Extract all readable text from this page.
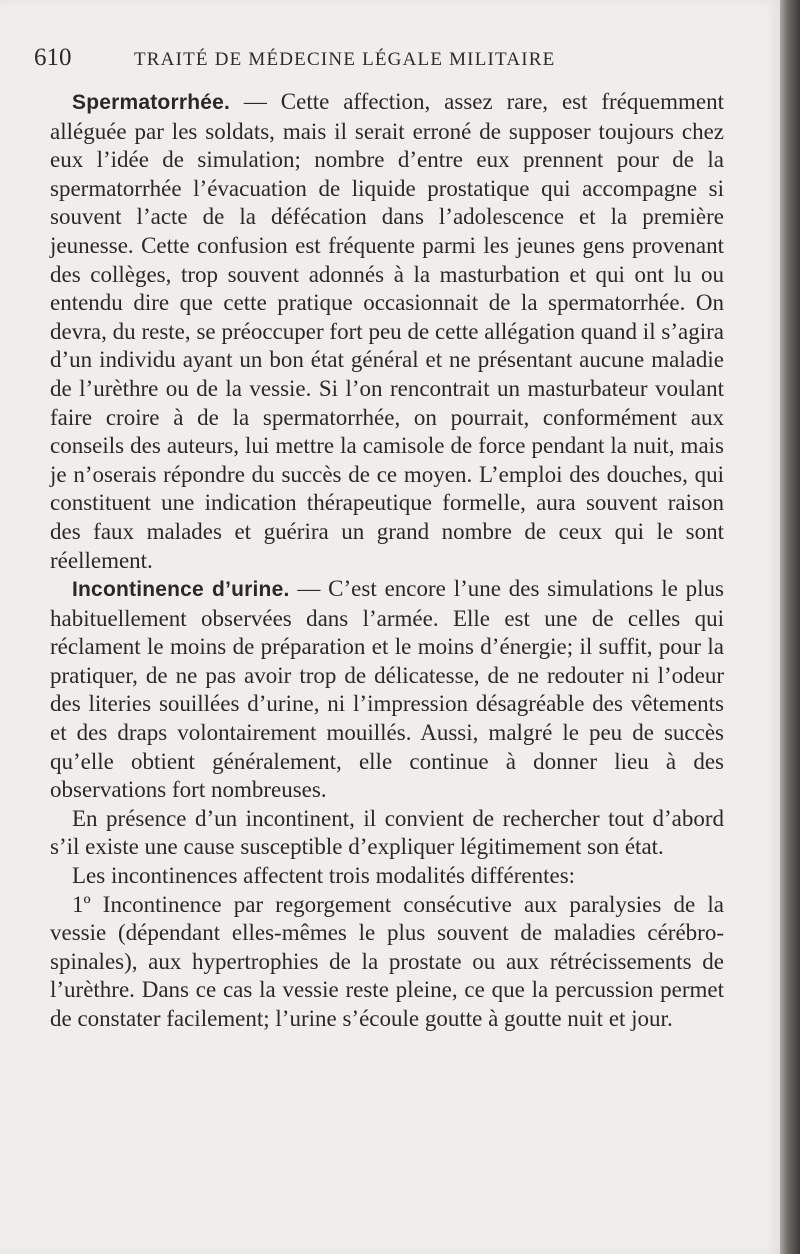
610	TRAITÉ DE MÉDECINE LÉGALE MILITAIRE

Spermatorrhée. — Cette affection, assez rare, est fréquemment alléguée par les soldats, mais il serait erroné de supposer toujours chez eux l’idée de simulation; nombre d’entre eux prennent pour de la spermatorrhée l’évacuation de liquide prostatique qui accompagne si souvent l’acte de la défécation dans l’adolescence et la première jeunesse. Cette confusion est fréquente parmi les jeunes gens provenant des collèges, trop souvent adonnés à la masturbation et qui ont lu ou entendu dire que cette pratique occasionnait de la spermatorrhée. On devra, du reste, se préoccuper fort peu de cette allégation quand il s’agira d’un individu ayant un bon état général et ne présentant aucune maladie de l’urèthre ou de la vessie. Si l’on rencontrait un masturbateur voulant faire croire à de la spermatorrhée, on pourrait, conformément aux conseils des auteurs, lui mettre la camisole de force pendant la nuit, mais je n’oserais répondre du succès de ce moyen. L’emploi des douches, qui constituent une indication thérapeutique formelle, aura souvent raison des faux malades et guérira un grand nombre de ceux qui le sont réellement.

Incontinence d’urine. — C’est encore l’une des simulations le plus habituellement observées dans l’armée. Elle est une de celles qui réclament le moins de préparation et le moins d’énergie; il suffit, pour la pratiquer, de ne pas avoir trop de délicatesse, de ne redouter ni l’odeur des literies souillées d’urine, ni l’impression désagréable des vêtements et des draps volontairement mouillés. Aussi, malgré le peu de succès qu’elle obtient généralement, elle continue à donner lieu à des observations fort nombreuses.

En présence d’un incontinent, il convient de rechercher tout d’abord s’il existe une cause susceptible d’expliquer légitimement son état.

Les incontinences affectent trois modalités différentes:

1º Incontinence par regorgement consécutive aux paralysies de la vessie (dépendant elles-mêmes le plus souvent de maladies cérébro-spinales), aux hypertrophies de la prostate ou aux rétrécissements de l’urèthre. Dans ce cas la vessie reste pleine, ce que la percussion permet de constater facilement; l’urine s’écoule goutte à goutte nuit et jour.
